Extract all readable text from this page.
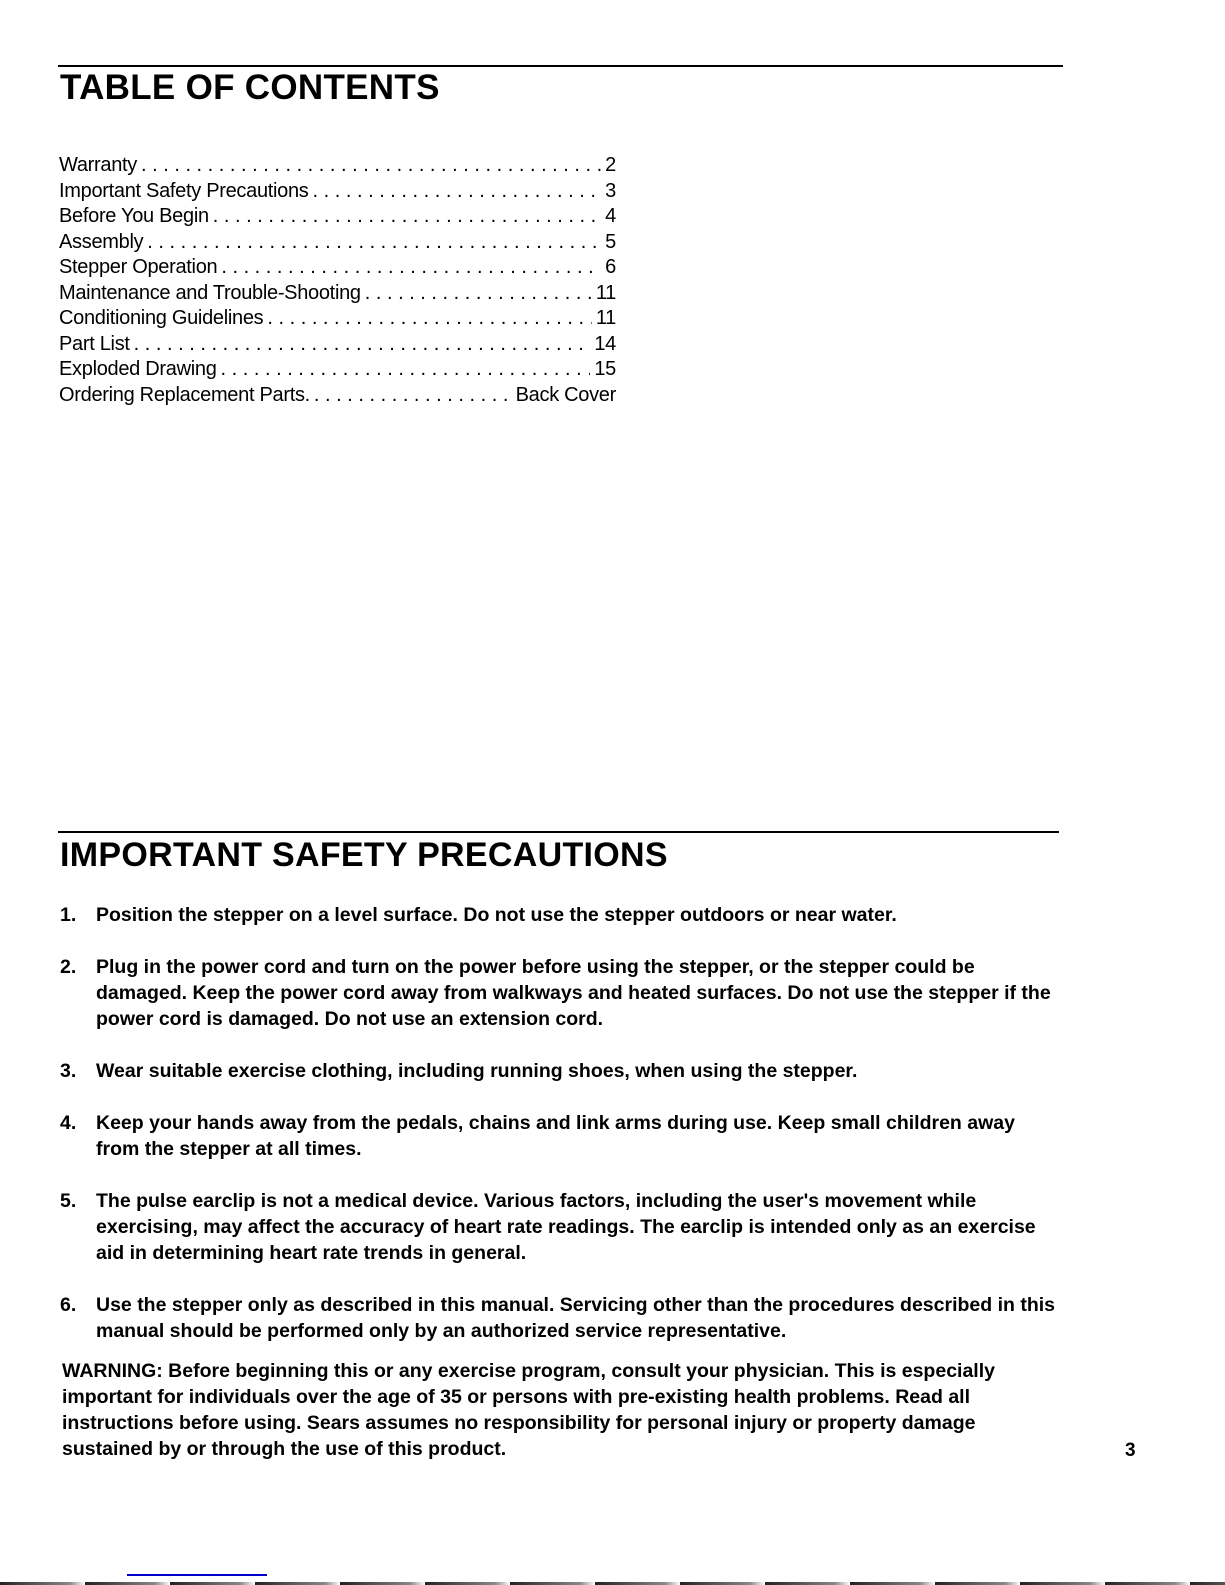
TABLE OF CONTENTS
Warranty . . .	2
Important Safety Precautions . . .	3
Before You Begin . . .	4
Assembly . . .	5
Stepper Operation . . .	6
Maintenance and Trouble-Shooting . . .	11
Conditioning Guidelines . . .	11
Part List . . .	14
Exploded Drawing . . .	15
Ordering Replacement Parts. . . .	Back Cover
IMPORTANT SAFETY PRECAUTIONS
1.	Position the stepper on a level surface. Do not use the stepper outdoors or near water.
2.	Plug in the power cord and turn on the power before using the stepper, or the stepper could be damaged. Keep the power cord away from walkways and heated surfaces. Do not use the stepper if the power cord is damaged. Do not use an extension cord.
3.	Wear suitable exercise clothing, including running shoes, when using the stepper.
4.	Keep your hands away from the pedals, chains and link arms during use. Keep small children away from the stepper at all times.
5.	The pulse earclip is not a medical device. Various factors, including the user's movement while exercising, may affect the accuracy of heart rate readings. The earclip is intended only as an exercise aid in determining heart rate trends in general.
6.	Use the stepper only as described in this manual. Servicing other than the procedures described in this manual should be performed only by an authorized service representative.
WARNING: Before beginning this or any exercise program, consult your physician. This is especially important for individuals over the age of 35 or persons with pre-existing health problems. Read all instructions before using. Sears assumes no responsibility for personal injury or property damage sustained by or through the use of this product.	3
